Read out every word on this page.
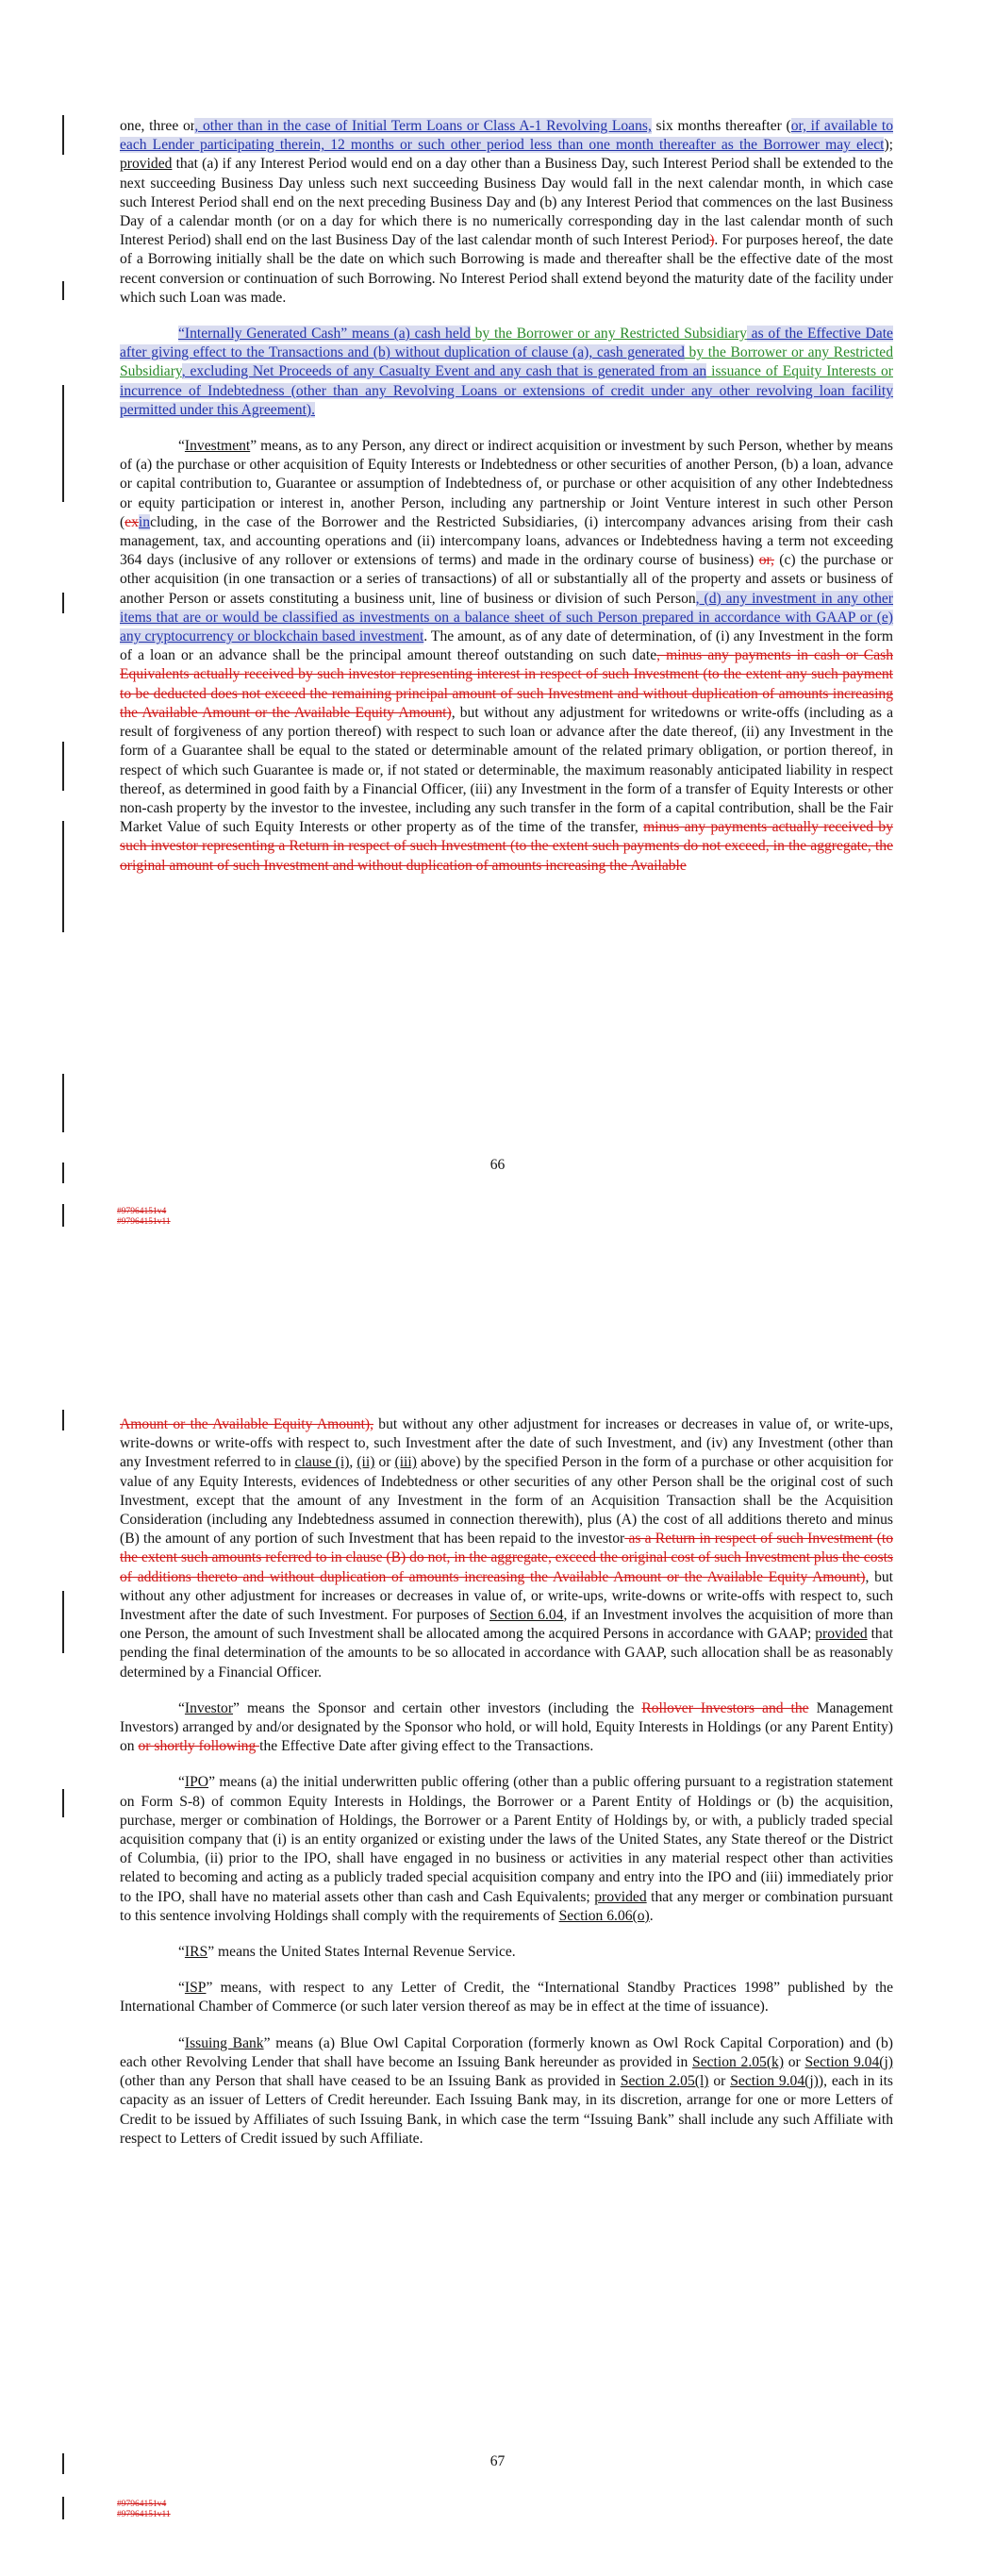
one, three or, other than in the case of Initial Term Loans or Class A-1 Revolving Loans, six months thereafter (or, if available to each Lender participating therein, 12 months or such other period less than one month thereafter as the Borrower may elect); provided that (a) if any Interest Period would end on a day other than a Business Day, such Interest Period shall be extended to the next succeeding Business Day unless such next succeeding Business Day would fall in the next calendar month, in which case such Interest Period shall end on the next preceding Business Day and (b) any Interest Period that commences on the last Business Day of a calendar month (or on a day for which there is no numerically corresponding day in the last calendar month of such Interest Period) shall end on the last Business Day of the last calendar month of such Interest Period). For purposes hereof, the date of a Borrowing initially shall be the date on which such Borrowing is made and thereafter shall be the effective date of the most recent conversion or continuation of such Borrowing. No Interest Period shall extend beyond the maturity date of the facility under which such Loan was made.

“Internally Generated Cash” means (a) cash held by the Borrower or any Restricted Subsidiary as of the Effective Date after giving effect to the Transactions and (b) without duplication of clause (a), cash generated by the Borrower or any Restricted Subsidiary, excluding Net Proceeds of any Casualty Event and any cash that is generated from an issuance of Equity Interests or incurrence of Indebtedness (other than any Revolving Loans or extensions of credit under any other revolving loan facility permitted under this Agreement).

“Investment” means, as to any Person, any direct or indirect acquisition or investment by such Person, whether by means of (a) the purchase or other acquisition of Equity Interests or Indebtedness or other securities of another Person, (b) a loan, advance or capital contribution to, Guarantee or assumption of Indebtedness of, or purchase or other acquisition of any other Indebtedness or equity participation or interest in, another Person, including any partnership or Joint Venture interest in such other Person (exincluding, in the case of the Borrower and the Restricted Subsidiaries, (i) intercompany advances arising from their cash management, tax, and accounting operations and (ii) intercompany loans, advances or Indebtedness having a term not exceeding 364 days (inclusive of any rollover or extensions of terms) and made in the ordinary course of business) or, (c) the purchase or other acquisition (in one transaction or a series of transactions) of all or substantially all of the property and assets or business of another Person or assets constituting a business unit, line of business or division of such Person, (d) any investment in any other items that are or would be classified as investments on a balance sheet of such Person prepared in accordance with GAAP or (e) any cryptocurrency or blockchain based investment. The amount, as of any date of determination, of (i) any Investment in the form of a loan or an advance shall be the principal amount thereof outstanding on such date, minus any payments in cash or Cash Equivalents actually received by such investor representing interest in respect of such Investment (to the extent any such payment to be deducted does not exceed the remaining principal amount of such Investment and without duplication of amounts increasing the Available Amount or the Available Equity Amount), but without any adjustment for writedowns or write-offs (including as a result of forgiveness of any portion thereof) with respect to such loan or advance after the date thereof, (ii) any Investment in the form of a Guarantee shall be equal to the stated or determinable amount of the related primary obligation, or portion thereof, in respect of which such Guarantee is made or, if not stated or determinable, the maximum reasonably anticipated liability in respect thereof, as determined in good faith by a Financial Officer, (iii) any Investment in the form of a transfer of Equity Interests or other non-cash property by the investor to the investee, including any such transfer in the form of a capital contribution, shall be the Fair Market Value of such Equity Interests or other property as of the time of the transfer, minus any payments actually received by such investor representing a Return in respect of such Investment (to the extent such payments do not exceed, in the aggregate, the original amount of such Investment and without duplication of amounts increasing the Available

66
#97964151v4
#97964151v11

Amount or the Available Equity Amount), but without any other adjustment for increases or decreases in value of, or write-ups, write-downs or write-offs with respect to, such Investment after the date of such Investment, and (iv) any Investment (other than any Investment referred to in clause (i), (ii) or (iii) above) by the specified Person in the form of a purchase or other acquisition for value of any Equity Interests, evidences of Indebtedness or other securities of any other Person shall be the original cost of such Investment, except that the amount of any Investment in the form of an Acquisition Transaction shall be the Acquisition Consideration (including any Indebtedness assumed in connection therewith), plus (A) the cost of all additions thereto and minus (B) the amount of any portion of such Investment that has been repaid to the investor as a Return in respect of such Investment (to the extent such amounts referred to in clause (B) do not, in the aggregate, exceed the original cost of such Investment plus the costs of additions thereto and without duplication of amounts increasing the Available Amount or the Available Equity Amount), but without any other adjustment for increases or decreases in value of, or write-ups, write-downs or write-offs with respect to, such Investment after the date of such Investment. For purposes of Section 6.04, if an Investment involves the acquisition of more than one Person, the amount of such Investment shall be allocated among the acquired Persons in accordance with GAAP; provided that pending the final determination of the amounts to be so allocated in accordance with GAAP, such allocation shall be as reasonably determined by a Financial Officer.

“Investor” means the Sponsor and certain other investors (including the Rollover Investors and the Management Investors) arranged by and/or designated by the Sponsor who hold, or will hold, Equity Interests in Holdings (or any Parent Entity) on or shortly following the Effective Date after giving effect to the Transactions.

“IPO” means (a) the initial underwritten public offering (other than a public offering pursuant to a registration statement on Form S-8) of common Equity Interests in Holdings, the Borrower or a Parent Entity of Holdings or (b) the acquisition, purchase, merger or combination of Holdings, the Borrower or a Parent Entity of Holdings by, or with, a publicly traded special acquisition company that (i) is an entity organized or existing under the laws of the United States, any State thereof or the District of Columbia, (ii) prior to the IPO, shall have engaged in no business or activities in any material respect other than activities related to becoming and acting as a publicly traded special acquisition company and entry into the IPO and (iii) immediately prior to the IPO, shall have no material assets other than cash and Cash Equivalents; provided that any merger or combination pursuant to this sentence involving Holdings shall comply with the requirements of Section 6.06(o).

“IRS” means the United States Internal Revenue Service.

“ISP” means, with respect to any Letter of Credit, the “International Standby Practices 1998” published by the International Chamber of Commerce (or such later version thereof as may be in effect at the time of issuance).

“Issuing Bank” means (a) Blue Owl Capital Corporation (formerly known as Owl Rock Capital Corporation) and (b) each other Revolving Lender that shall have become an Issuing Bank hereunder as provided in Section 2.05(k) or Section 9.04(j) (other than any Person that shall have ceased to be an Issuing Bank as provided in Section 2.05(l) or Section 9.04(j)), each in its capacity as an issuer of Letters of Credit hereunder. Each Issuing Bank may, in its discretion, arrange for one or more Letters of Credit to be issued by Affiliates of such Issuing Bank, in which case the term “Issuing Bank” shall include any such Affiliate with respect to Letters of Credit issued by such Affiliate.

67
#97964151v4
#97964151v11
